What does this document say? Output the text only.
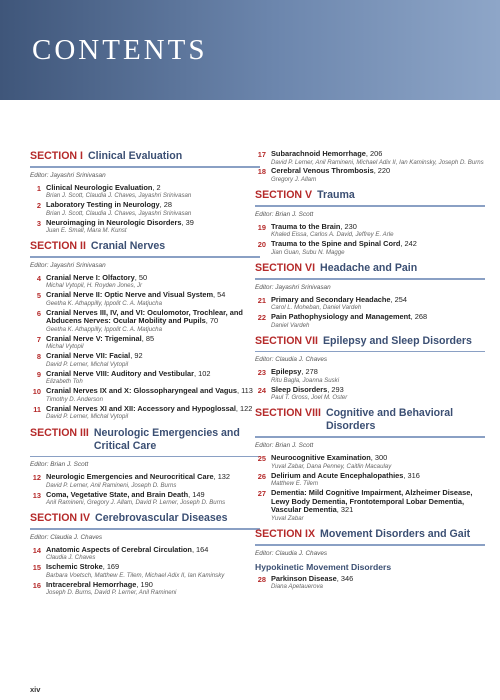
CONTENTS
SECTION I Clinical Evaluation
Editor: Jayashri Srinivasan
1 Clinical Neurologic Evaluation, 2
Brian J. Scott, Claudia J. Chaves, Jayashri Srinivasan
2 Laboratory Testing in Neurology, 28
Brian J. Scott, Claudia J. Chaves, Jayashri Srinivasan
3 Neuroimaging in Neurologic Disorders, 39
Juan E. Small, Mara M. Kunst
SECTION II Cranial Nerves
Editor: Jayashri Srinivasan
4 Cranial Nerve I: Olfactory, 50
Michal Vytopil, H. Royden Jones, Jr
5 Cranial Nerve II: Optic Nerve and Visual System, 54
Geetha K. Athappilly, Ippolit C. A. Matjucha
6 Cranial Nerves III, IV, and VI: Oculomotor, Trochlear, and Abducens Nerves: Ocular Mobility and Pupils, 70
Geetha K. Athappilly, Ippolit C. A. Matjucha
7 Cranial Nerve V: Trigeminal, 85
Michal Vytopil
8 Cranial Nerve VII: Facial, 92
David P. Lerner, Michal Vytopil
9 Cranial Nerve VIII: Auditory and Vestibular, 102
Elizabeth Toh
10 Cranial Nerves IX and X: Glossopharyngeal and Vagus, 113
Timothy D. Anderson
11 Cranial Nerves XI and XII: Accessory and Hypoglossal, 122
David P. Lerner, Michal Vytopil
SECTION III Neurologic Emergencies and Critical Care
Editor: Brian J. Scott
12 Neurologic Emergencies and Neurocritical Care, 132
David P. Lerner, Anil Ramineni, Joseph D. Burns
13 Coma, Vegetative State, and Brain Death, 149
Anil Ramineni, Gregory J. Allam, David P. Lerner, Joseph D. Burns
SECTION IV Cerebrovascular Diseases
Editor: Claudia J. Chaves
14 Anatomic Aspects of Cerebral Circulation, 164
Claudia J. Chaves
15 Ischemic Stroke, 169
Barbara Voetsch, Matthew E. Tilem, Michael Adix II, Ian Kaminsky
16 Intracerebral Hemorrhage, 190
Joseph D. Burns, David P. Lerner, Anil Ramineni
17 Subarachnoid Hemorrhage, 206
David P. Lerner, Anil Ramineni, Michael Adix II, Ian Kaminsky, Joseph D. Burns
18 Cerebral Venous Thrombosis, 220
Gregory J. Allam
SECTION V Trauma
Editor: Brian J. Scott
19 Trauma to the Brain, 230
Khaled Eissa, Carlos A. David, Jeffrey E. Arle
20 Trauma to the Spine and Spinal Cord, 242
Jian Guan, Subu N. Magge
SECTION VI Headache and Pain
Editor: Jayashri Srinivasan
21 Primary and Secondary Headache, 254
Carol L. Moheban, Daniel Vardeh
22 Pain Pathophysiology and Management, 268
Daniel Vardeh
SECTION VII Epilepsy and Sleep Disorders
Editor: Claudia J. Chaves
23 Epilepsy, 278
Ritu Bagla, Joanna Suski
24 Sleep Disorders, 293
Paul T. Gross, Joel M. Oster
SECTION VIII Cognitive and Behavioral Disorders
Editor: Brian J. Scott
25 Neurocognitive Examination, 300
Yuval Zabar, Dana Penney, Caitlin Macaulay
26 Delirium and Acute Encephalopathies, 316
Matthew E. Tilem
27 Dementia: Mild Cognitive Impairment, Alzheimer Disease, Lewy Body Dementia, Frontotemporal Lobar Dementia, Vascular Dementia, 321
Yuval Zabar
SECTION IX Movement Disorders and Gait
Editor: Claudia J. Chaves
Hypokinetic Movement Disorders
28 Parkinson Disease, 346
Diana Apetauerova
xiv
